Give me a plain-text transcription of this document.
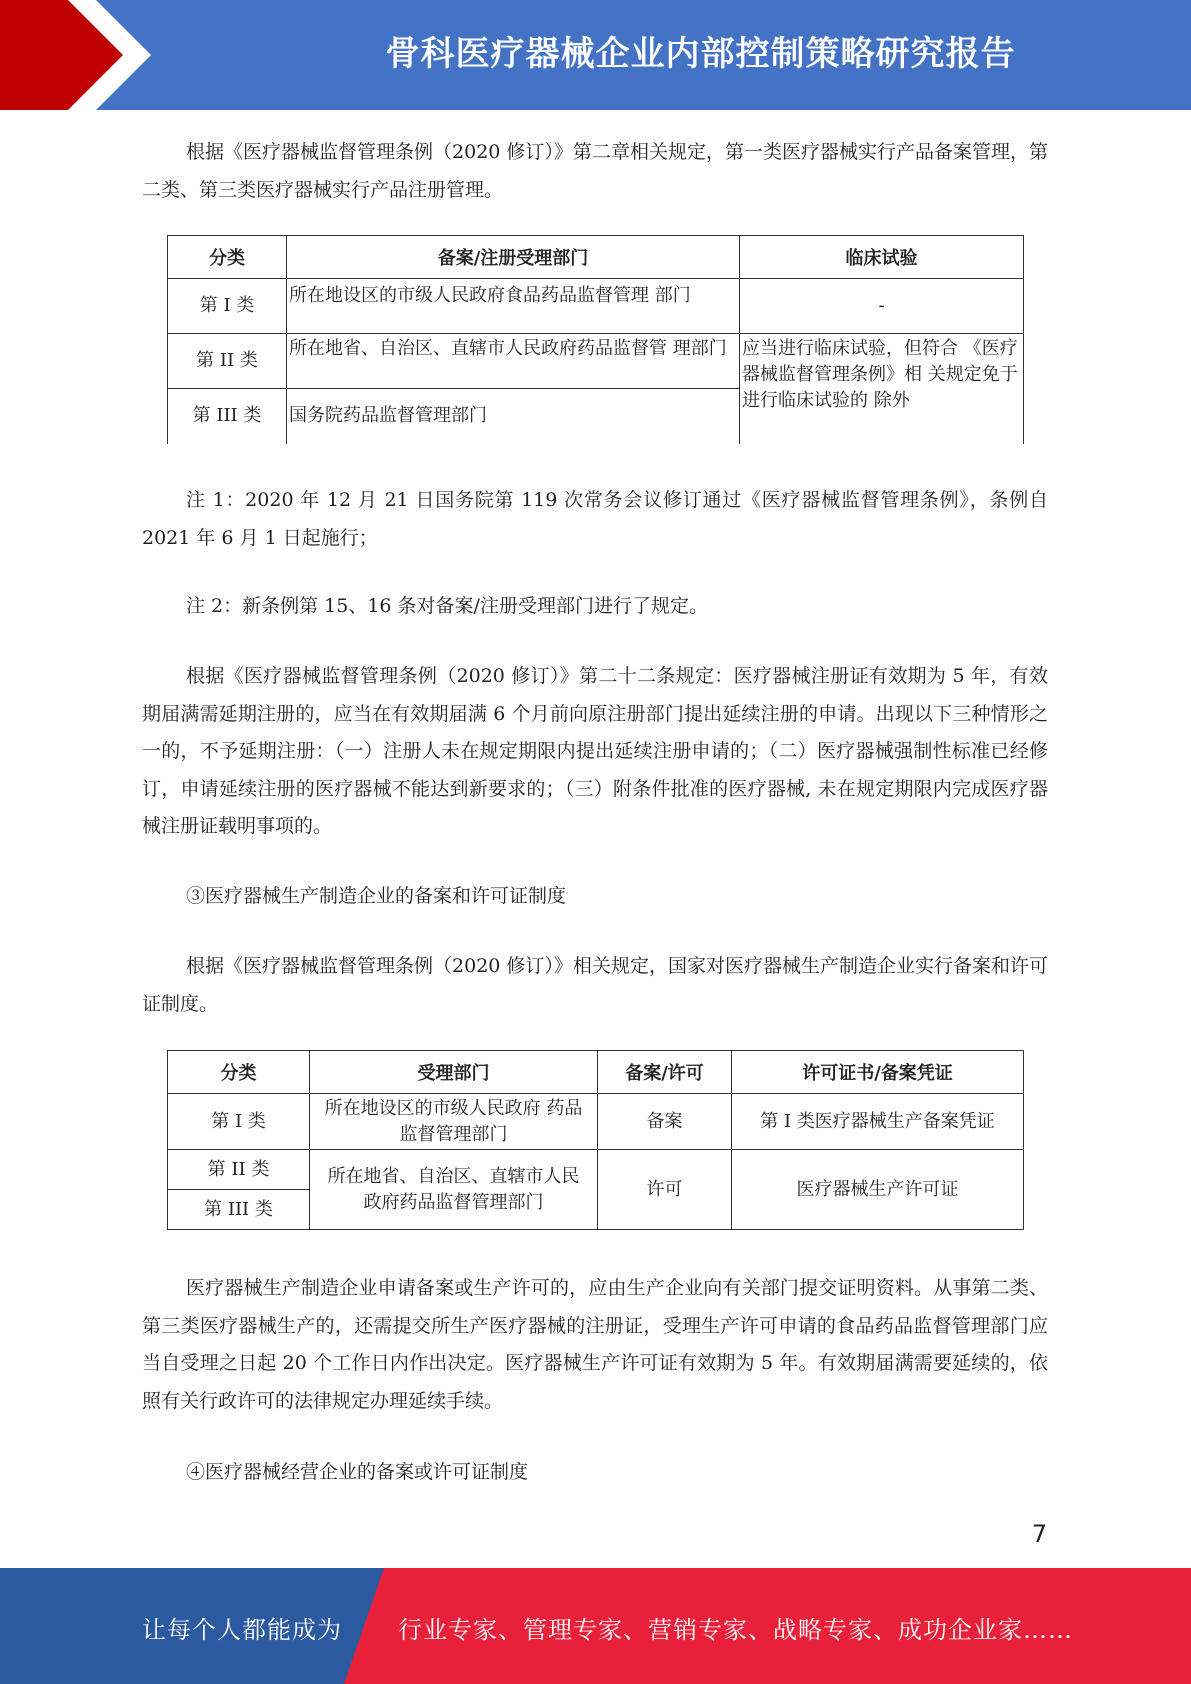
骨科医疗器械企业内部控制策略研究报告
根据《医疗器械监督管理条例（2020 修订）》第二章相关规定，第一类医疗器械实行产品备案管理，第二类、第三类医疗器械实行产品注册管理。
分类	备案/注册受理部门	临床试验
第 I 类	所在地设区的市级人民政府食品药品监督管理 部门	-
第 II 类	所在地省、自治区、直辖市人民政府药品监督管 理部门	应当进行临床试验，但符合 《医疗器械监督管理条例》相 关规定免于进行临床试验的 除外
第 III 类	国务院药品监督管理部门	
注 1：2020 年 12 月 21 日国务院第 119 次常务会议修订通过《医疗器械监督管理条例》，条例自 2021 年 6 月 1 日起施行；
注 2：新条例第 15、16 条对备案/注册受理部门进行了规定。
根据《医疗器械监督管理条例（2020 修订）》第二十二条规定：医疗器械注册证有效期为 5 年，有效期届满需延期注册的，应当在有效期届满 6 个月前向原注册部门提出延续注册的申请。出现以下三种情形之一的，不予延期注册：（一）注册人未在规定期限内提出延续注册申请的；（二）医疗器械强制性标准已经修订，申请延续注册的医疗器械不能达到新要求的；（三）附条件批准的医疗器械, 未在规定期限内完成医疗器械注册证载明事项的。
③医疗器械生产制造企业的备案和许可证制度
根据《医疗器械监督管理条例（2020 修订）》相关规定，国家对医疗器械生产制造企业实行备案和许可证制度。
分类	受理部门	备案/许可	许可证书/备案凭证
第 I 类	所在地设区的市级人民政府 药品监督管理部门	备案	第 I 类医疗器械生产备案凭证
第 II 类	所在地省、自治区、直辖市人民政府药品监督管理部门	许可	医疗器械生产许可证
第 III 类			
医疗器械生产制造企业申请备案或生产许可的，应由生产企业向有关部门提交证明资料。从事第二类、第三类医疗器械生产的，还需提交所生产医疗器械的注册证，受理生产许可申请的食品药品监督管理部门应当自受理之日起 20 个工作日内作出决定。医疗器械生产许可证有效期为 5 年。有效期届满需要延续的，依照有关行政许可的法律规定办理延续手续。
④医疗器械经营企业的备案或许可证制度
7
让每个人都能成为 行业专家、管理专家、营销专家、战略专家、成功企业家……
